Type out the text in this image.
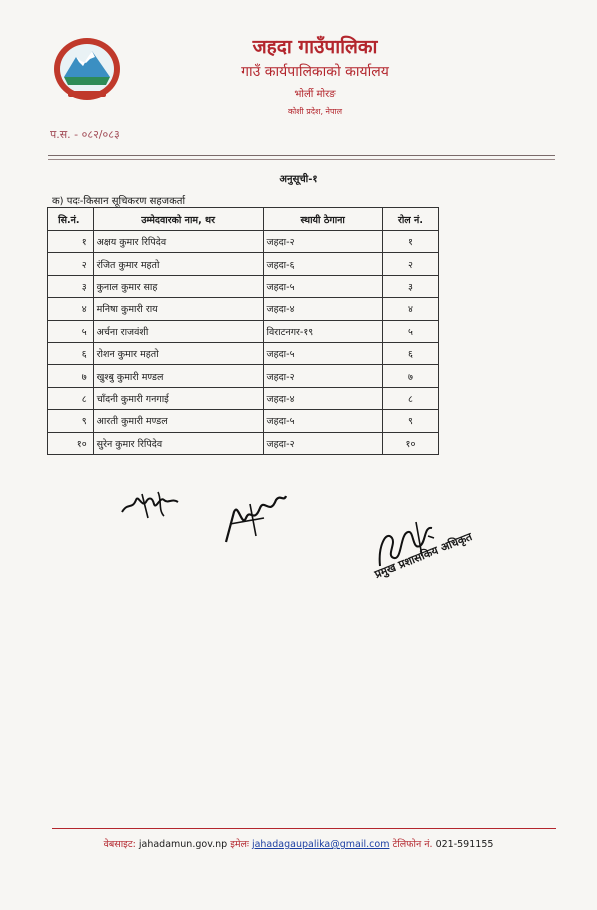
जहदा गाउँपालिका
गाउँ कार्यपालिकाको कार्यालय
भोर्ली मोरङ
कोशी प्रदेश, नेपाल
प.स. - ०८२/०८३
अनुसूची-१
क) पदः-किसान सूचिकरण सहजकर्ता
सि.नं.	उम्मेदवारको नाम, थर	स्थायी ठेगाना	रोल नं.
१	अक्षय कुमार रिपिदेव	जहदा-२	१
२	रंजित कुमार महतो	जहदा-६	२
३	कुनाल कुमार साह	जहदा-५	३
४	मनिषा कुमारी राय	जहदा-४	४
५	अर्चना राजवंशी	विराटनगर-१९	५
६	रोशन कुमार महतो	जहदा-५	६
७	खुश्बु कुमारी मण्डल	जहदा-२	७
८	चाँदनी कुमारी गनगाई	जहदा-४	८
९	आरती कुमारी मण्डल	जहदा-५	९
१०	सुरेन कुमार रिपिदेव	जहदा-२	१०
प्रमुख प्रशासकिय अधिकृत
वेबसाइट: jahadamun.gov.np इमेलः jahadagaupalika@gmail.com टेलिफोन नं. 021-591155
